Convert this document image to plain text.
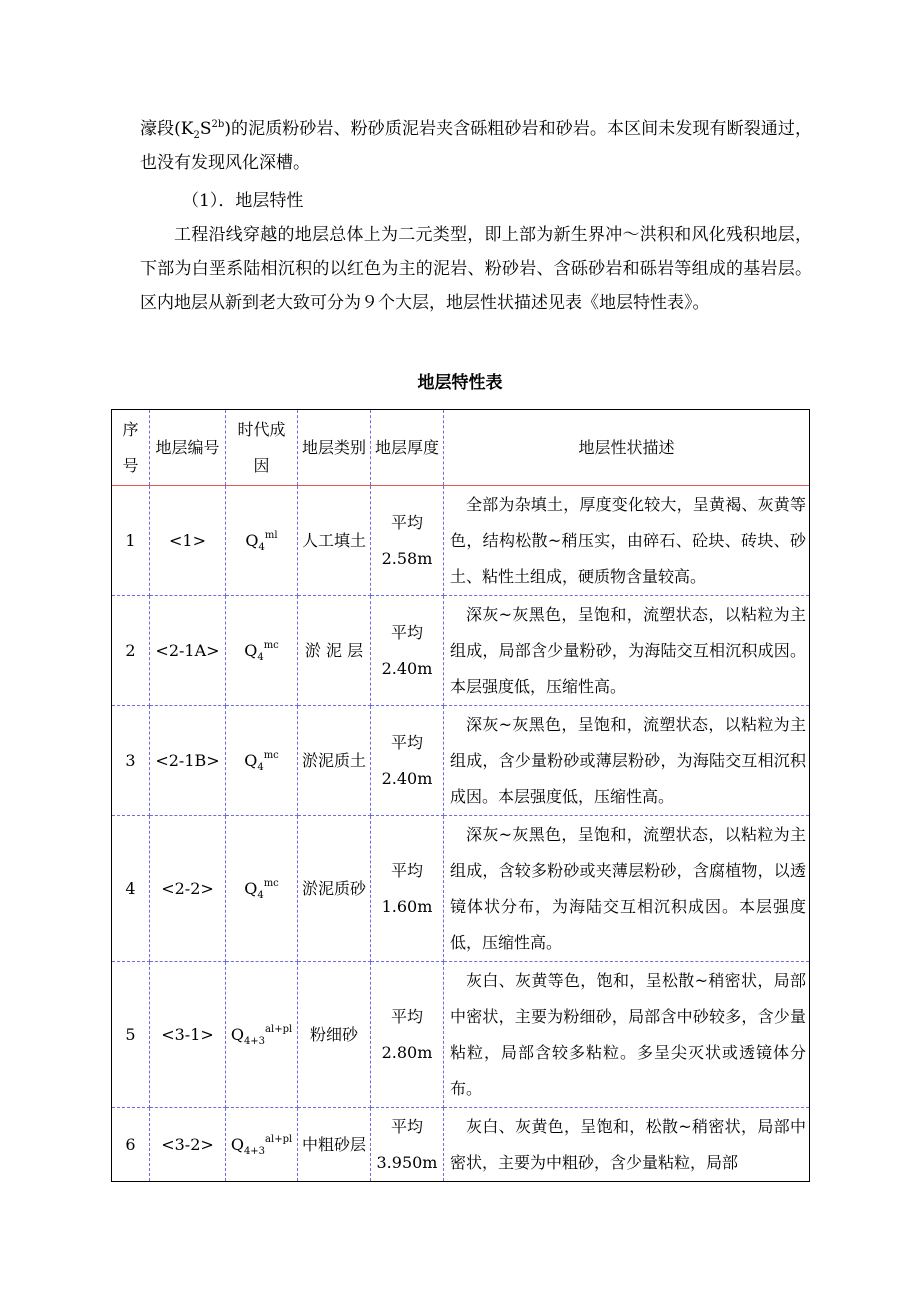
濠段$(K_2S^{2b})$的泥质粉砂岩、粉砂质泥岩夹含砾粗砂岩和砂岩。本区间未发现有断裂通过，也没有发现风化深槽。

（1）．地层特性

工程沿线穿越的地层总体上为二元类型，即上部为新生界冲～洪积和风化残积地层，下部为白垩系陆相沉积的以红色为主的泥岩、粉砂岩、含砾砂岩和砾岩等组成的基岩层。区内地层从新到老大致可分为９个大层，地层性状描述见表《地层特性表》。

地层特性表
序号	地层编号	时代成因	地层类别	地层厚度	地层性状描述
1	<1>	$Q_4^{ml}$	人工填土	平均 2.58m	全部为杂填土，厚度变化较大，呈黄褐、灰黄等色，结构松散~稍压实，由碎石、砼块、砖块、砂土、粘性土组成，硬质物含量较高。
2	<2-1A>	$Q_4^{mc}$	淤 泥 层	平均 2.40m	深灰~灰黑色，呈饱和，流塑状态，以粘粒为主组成，局部含少量粉砂，为海陆交互相沉积成因。本层强度低，压缩性高。
3	<2-1B>	$Q_4^{mc}$	淤泥质土	平均 2.40m	深灰~灰黑色，呈饱和，流塑状态，以粘粒为主组成，含少量粉砂或薄层粉砂，为海陆交互相沉积成因。本层强度低，压缩性高。
4	<2-2>	$Q_4^{mc}$	淤泥质砂	平均 1.60m	深灰~灰黑色，呈饱和，流塑状态，以粘粒为主组成，含较多粉砂或夹薄层粉砂，含腐植物，以透镜体状分布，为海陆交互相沉积成因。本层强度低，压缩性高。
5	<3-1>	$Q_{4+3}^{al+pl}$	粉细砂	平均 2.80m	灰白、灰黄等色，饱和，呈松散~稍密状，局部中密状，主要为粉细砂，局部含中砂较多，含少量粘粒，局部含较多粘粒。多呈尖灭状或透镜体分布。
6	<3-2>	$Q_{4+3}^{al+pl}$	中粗砂层	平均 3.950m	灰白、灰黄色，呈饱和，松散~稍密状，局部中密状，主要为中粗砂，含少量粘粒，局部
